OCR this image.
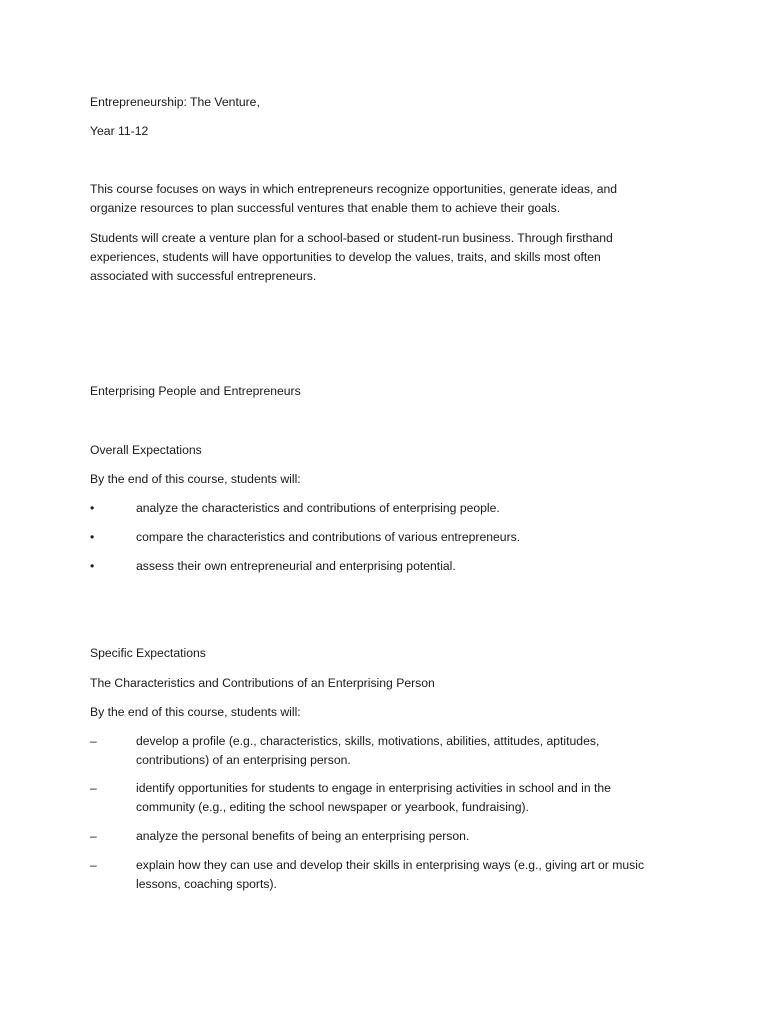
Entrepreneurship: The Venture,

Year 11-12

This course focuses on ways in which entrepreneurs recognize opportunities, generate ideas, and organize resources to plan successful ventures that enable them to achieve their goals.

Students will create a venture plan for a school-based or student-run business. Through firsthand experiences, students will have opportunities to develop the values, traits, and skills most often associated with successful entrepreneurs.

Enterprising People and Entrepreneurs

Overall Expectations

By the end of this course, students will:

•	analyze the characteristics and contributions of enterprising people.
•	compare the characteristics and contributions of various entrepreneurs.
•	assess their own entrepreneurial and enterprising potential.

Specific Expectations

The Characteristics and Contributions of an Enterprising Person

By the end of this course, students will:

–	develop a profile (e.g., characteristics, skills, motivations, abilities, attitudes, aptitudes, contributions) of an enterprising person.
–	identify opportunities for students to engage in enterprising activities in school and in the community (e.g., editing the school newspaper or yearbook, fundraising).
–	analyze the personal benefits of being an enterprising person.
–	explain how they can use and develop their skills in enterprising ways (e.g., giving art or music lessons, coaching sports).
